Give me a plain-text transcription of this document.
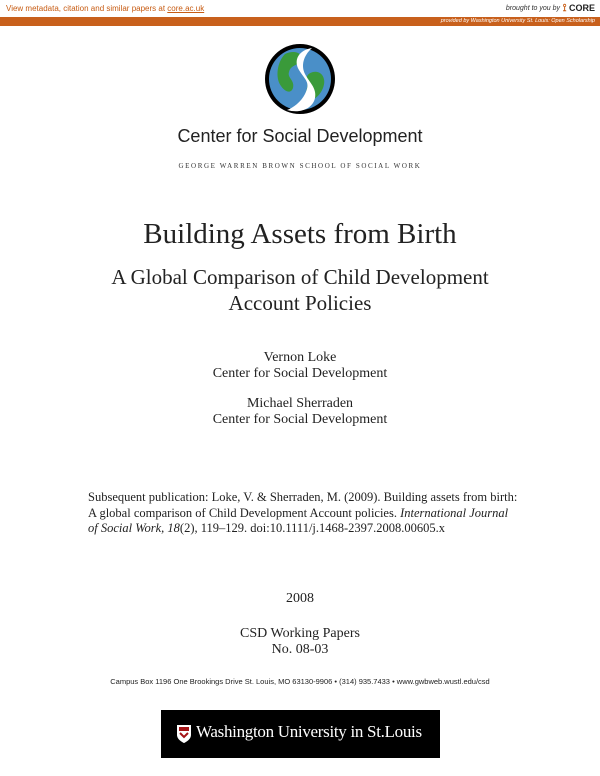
View metadata, citation and similar papers at core.ac.uk	brought to you by ⟟ CORE
provided by Washington University St. Louis: Open Scholarship
Center for Social Development
GEORGE WARREN BROWN SCHOOL OF SOCIAL WORK
Building Assets from Birth
A Global Comparison of Child Development Account Policies
Vernon Loke
Center for Social Development
Michael Sherraden
Center for Social Development
Subsequent publication: Loke, V. & Sherraden, M. (2009). Building assets from birth: A global comparison of Child Development Account policies. International Journal of Social Work, 18(2), 119–129. doi:10.1111/j.1468-2397.2008.00605.x
2008
CSD Working Papers
No. 08-03
Campus Box 1196 One Brookings Drive St. Louis, MO 63130-9906 • (314) 935.7433 • www.gwbweb.wustl.edu/csd
Washington University in St.Louis
